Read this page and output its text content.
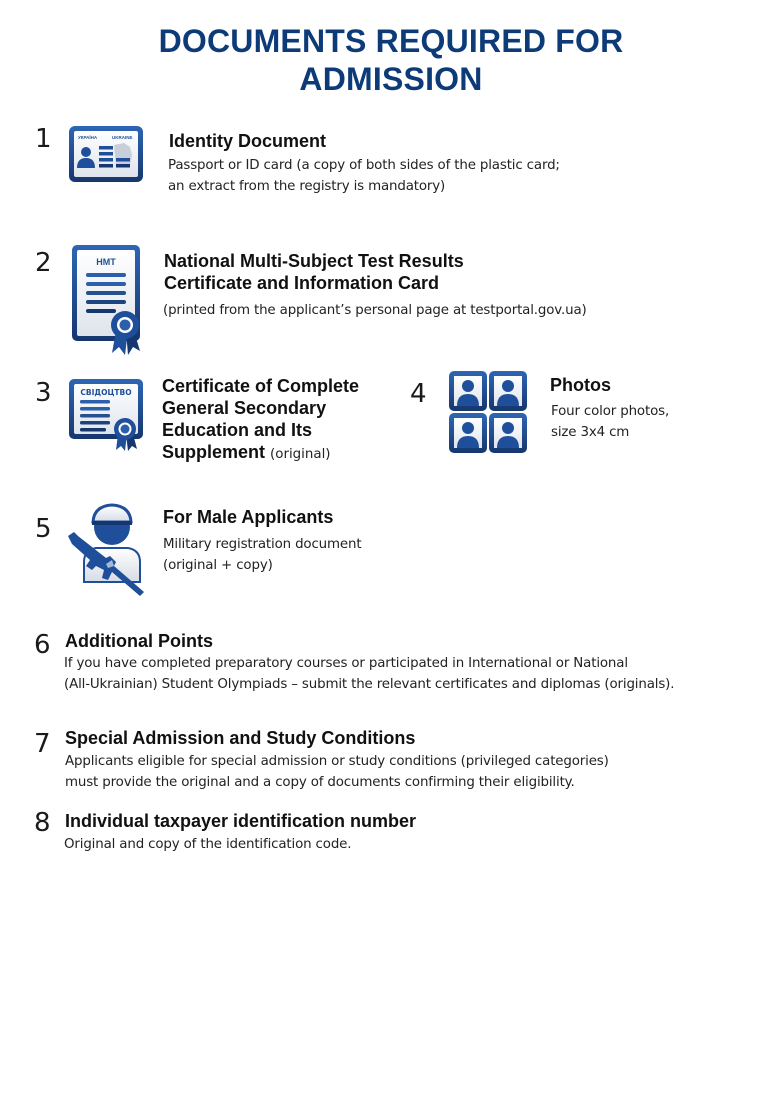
DOCUMENTS REQUIRED FOR
ADMISSION
1	УКРАЇНА	UKRAINE Identity Document
Passport or ID card (a copy of both sides of the plastic card;
an extract from the registry is mandatory)
2	НМТ	National Multi-Subject Test Results
Certificate and Information Card
(printed from the applicant’s personal page at testportal.gov.ua)
3	СВІДОЦТВО Certificate of Complete
General Secondary
Education and Its
Supplement (original)
4	Photos
Four color photos,
size 3x4 cm
5	For Male Applicants
Military registration document
(original + copy)
6 Additional Points
If you have completed preparatory courses or participated in International or National
(All-Ukrainian) Student Olympiads – submit the relevant certificates and diplomas (originals).
7 Special Admission and Study Conditions
Applicants eligible for special admission or study conditions (privileged categories)
must provide the original and a copy of documents confirming their eligibility.
8 Individual taxpayer identification number
Original and copy of the identification code.
